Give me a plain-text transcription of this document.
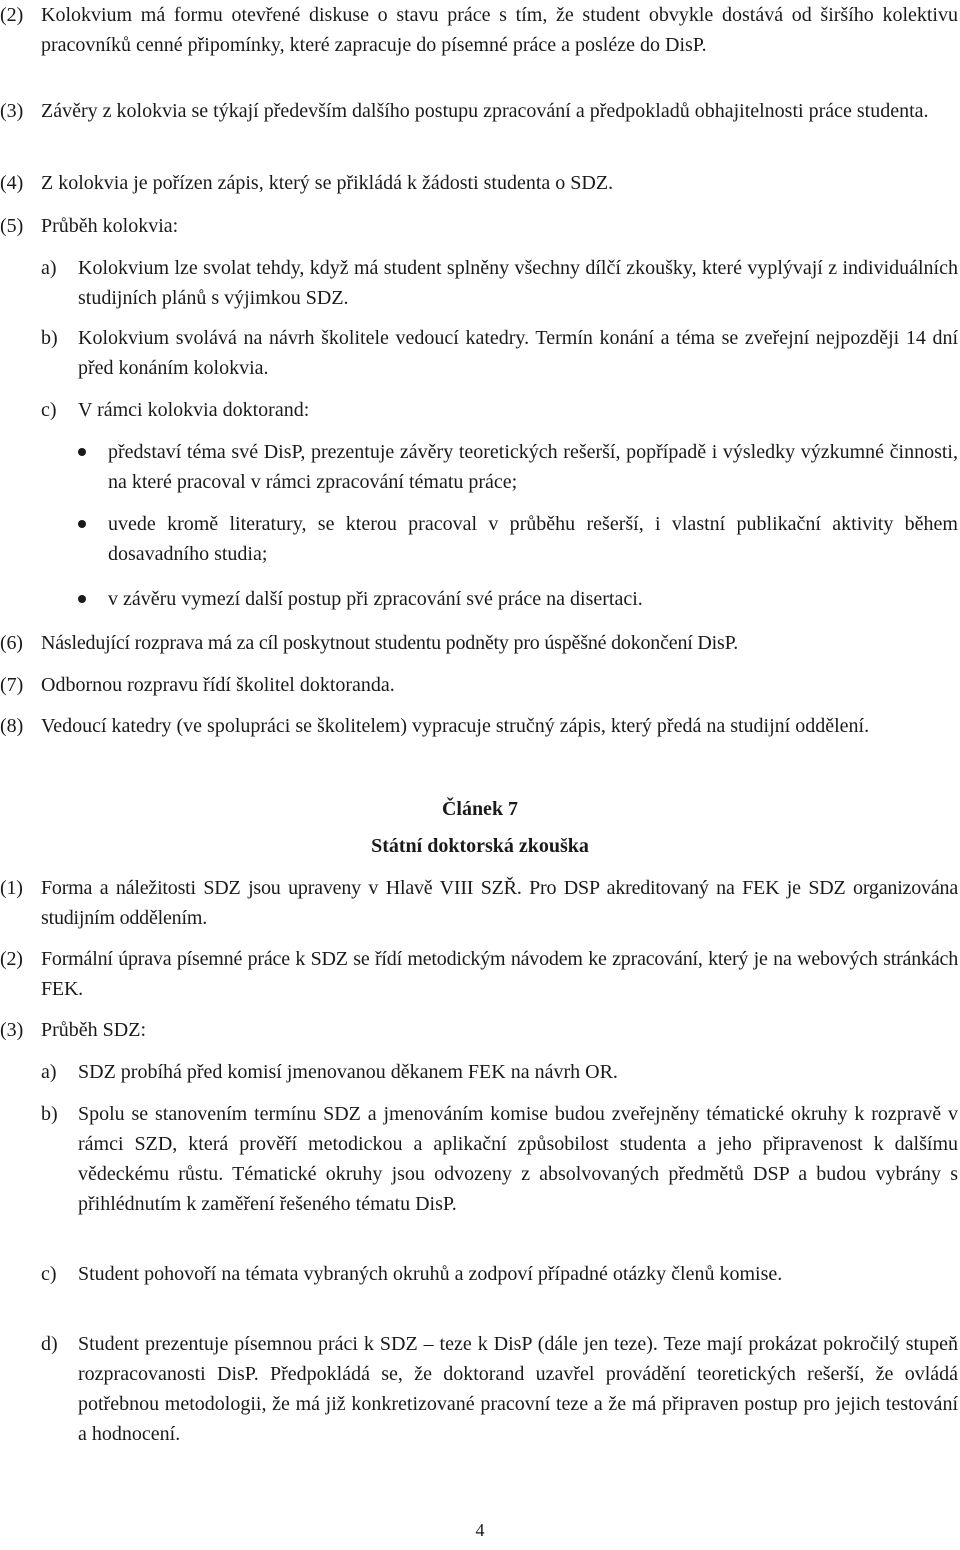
(2) Kolokvium má formu otevřené diskuse o stavu práce s tím, že student obvykle dostává od širšího kolektivu pracovníků cenné připomínky, které zapracuje do písemné práce a posléze do DisP.
(3) Závěry z kolokvia se týkají především dalšího postupu zpracování a předpokladů obhajitelnosti práce studenta.
(4) Z kolokvia je pořízen zápis, který se přikládá k žádosti studenta o SDZ.
(5) Průběh kolokvia:
a) Kolokvium lze svolat tehdy, když má student splněny všechny dílčí zkoušky, které vyplývají z individuálních studijních plánů s výjimkou SDZ.
b) Kolokvium svolává na návrh školitele vedoucí katedry. Termín konání a téma se zveřejní nejpozději 14 dní před konáním kolokvia.
c) V rámci kolokvia doktorand:
představí téma své DisP, prezentuje závěry teoretických rešerší, popřípadě i výsledky výzkumné činnosti, na které pracoval v rámci zpracování tématu práce;
uvede kromě literatury, se kterou pracoval v průběhu rešerší, i vlastní publikační aktivity během dosavadního studia;
v závěru vymezí další postup při zpracování své práce na disertaci.
(6) Následující rozprava má za cíl poskytnout studentu podněty pro úspěšné dokončení DisP.
(7) Odbornou rozpravu řídí školitel doktoranda.
(8) Vedoucí katedry (ve spolupráci se školitelem) vypracuje stručný zápis, který předá na studijní oddělení.
Článek 7
Státní doktorská zkouška
(1) Forma a náležitosti SDZ jsou upraveny v Hlavě VIII SZŘ. Pro DSP akreditovaný na FEK je SDZ organizována studijním oddělením.
(2) Formální úprava písemné práce k SDZ se řídí metodickým návodem ke zpracování, který je na webových stránkách FEK.
(3) Průběh SDZ:
a) SDZ probíhá před komisí jmenovanou děkanem FEK na návrh OR.
b) Spolu se stanovením termínu SDZ a jmenováním komise budou zveřejněny tématické okruhy k rozpravě v rámci SZD, která prověří metodickou a aplikační způsobilost studenta a jeho připravenost k dalšímu vědeckému růstu. Tématické okruhy jsou odvozeny z absolvovaných předmětů DSP a budou vybrány s přihlédnutím k zaměření řešeného tématu DisP.
c) Student pohovoří na témata vybraných okruhů a zodpoví případné otázky členů komise.
d) Student prezentuje písemnou práci k SDZ – teze k DisP (dále jen teze). Teze mají prokázat pokročilý stupeň rozpracovanosti DisP. Předpokládá se, že doktorand uzavřel provádění teoretických rešerší, že ovládá potřebnou metodologii, že má již konkretizované pracovní teze a že má připraven postup pro jejich testování a hodnocení.
4
